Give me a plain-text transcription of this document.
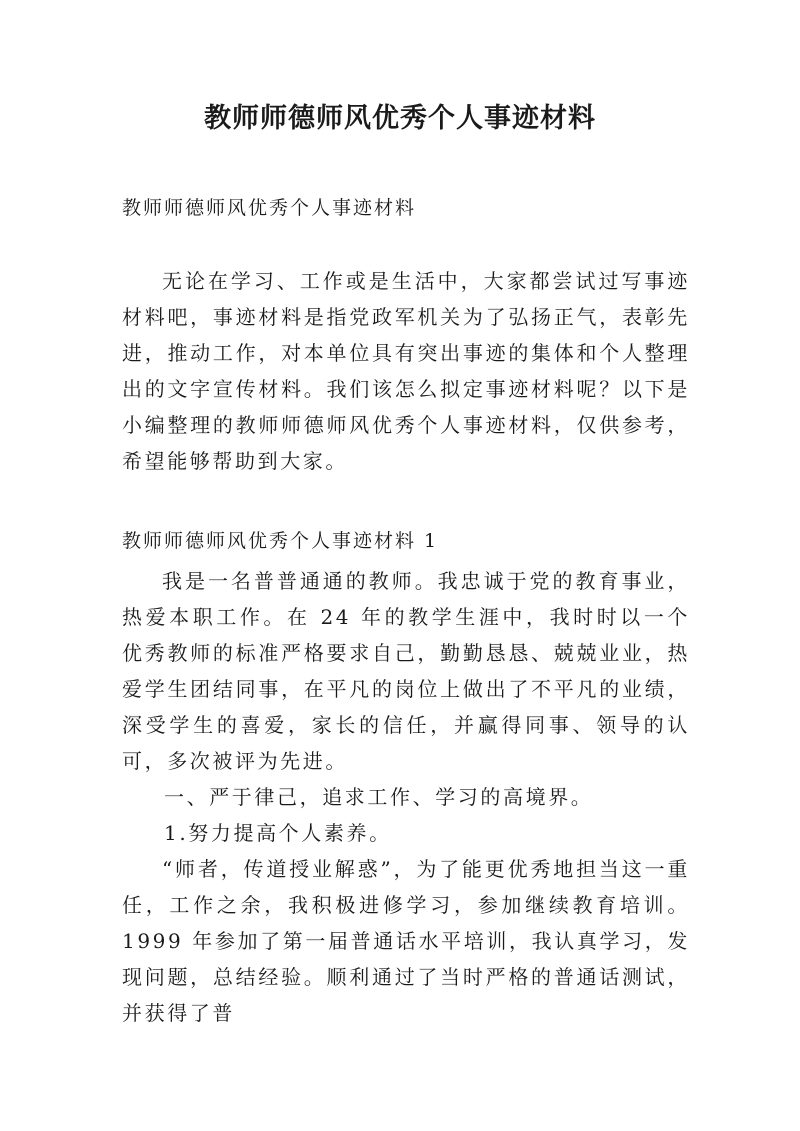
教师师德师风优秀个人事迹材料

教师师德师风优秀个人事迹材料

无论在学习、工作或是生活中，大家都尝试过写事迹材料吧，事迹材料是指党政军机关为了弘扬正气，表彰先进，推动工作，对本单位具有突出事迹的集体和个人整理出的文字宣传材料。我们该怎么拟定事迹材料呢？以下是小编整理的教师师德师风优秀个人事迹材料，仅供参考，希望能够帮助到大家。

教师师德师风优秀个人事迹材料 1

我是一名普普通通的教师。我忠诚于党的教育事业，热爱本职工作。在 24 年的教学生涯中，我时时以一个优秀教师的标准严格要求自己，勤勤恳恳、兢兢业业，热爱学生团结同事，在平凡的岗位上做出了不平凡的业绩，深受学生的喜爱，家长的信任，并赢得同事、领导的认可，多次被评为先进。

一、严于律己，追求工作、学习的高境界。

1.努力提高个人素养。

“师者，传道授业解惑”，为了能更优秀地担当这一重任，工作之余，我积极进修学习，参加继续教育培训。1999 年参加了第一届普通话水平培训，我认真学习，发现问题，总结经验。顺利通过了当时严格的普通话测试，并获得了普
